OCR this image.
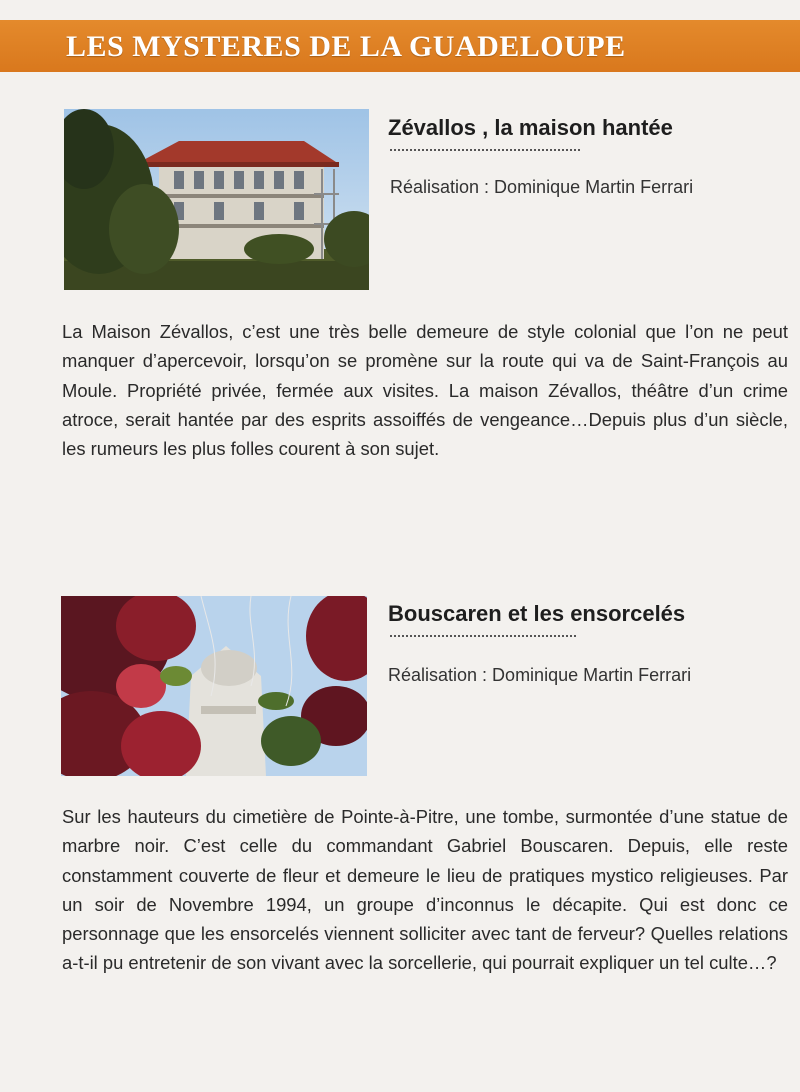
LES MYSTERES DE LA GUADELOUPE
Zévallos , la maison hantée
Réalisation : Dominique Martin Ferrari
La Maison Zévallos, c’est une très belle demeure de style colonial que l’on ne peut manquer d’apercevoir, lorsqu’on se promène sur la route qui va de Saint-François au Moule. Propriété privée, fermée aux visites. La maison Zévallos, théâtre d’un crime atroce, serait hantée par des esprits assoiffés de vengeance…Depuis plus d’un siècle, les rumeurs les plus folles courent à son sujet.
Bouscaren et les ensorcelés
Réalisation : Dominique Martin Ferrari
Sur les hauteurs du cimetière de Pointe-à-Pitre, une tombe, surmontée d’une statue de marbre noir. C’est celle du commandant Gabriel Bouscaren. Depuis, elle reste constamment couverte de fleur et demeure le lieu de pratiques mystico religieuses. Par un soir de Novembre 1994, un groupe d’inconnus le décapite. Qui est donc ce personnage que les ensorcelés viennent solliciter avec tant de ferveur? Quelles relations a-t-il pu entretenir de son vivant avec la sorcellerie, qui pourrait expliquer un tel culte…?
